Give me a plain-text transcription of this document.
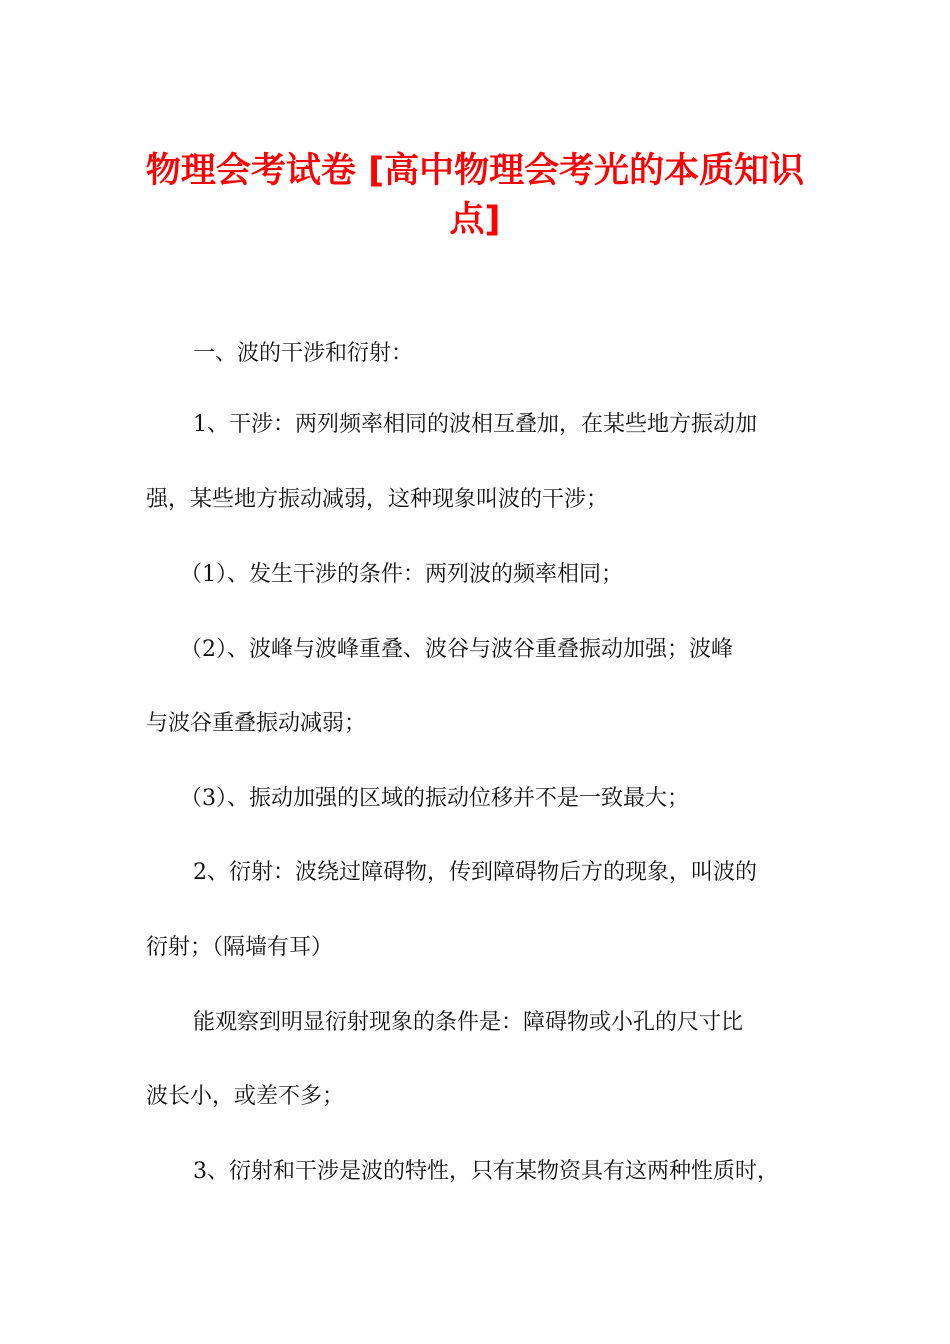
物理会考试卷 [高中物理会考光的本质知识
点]
一、波的干涉和衍射：
1、干涉：两列频率相同的波相互叠加，在某些地方振动加
强，某些地方振动减弱，这种现象叫波的干涉；
（1）、发生干涉的条件：两列波的频率相同；
（2）、波峰与波峰重叠、波谷与波谷重叠振动加强；波峰
与波谷重叠振动减弱；
（3）、振动加强的区域的振动位移并不是一致最大；
2、衍射：波绕过障碍物，传到障碍物后方的现象，叫波的
衍射；（隔墙有耳）
能观察到明显衍射现象的条件是：障碍物或小孔的尺寸比
波长小，或差不多；
3、衍射和干涉是波的特性，只有某物资具有这两种性质时，
